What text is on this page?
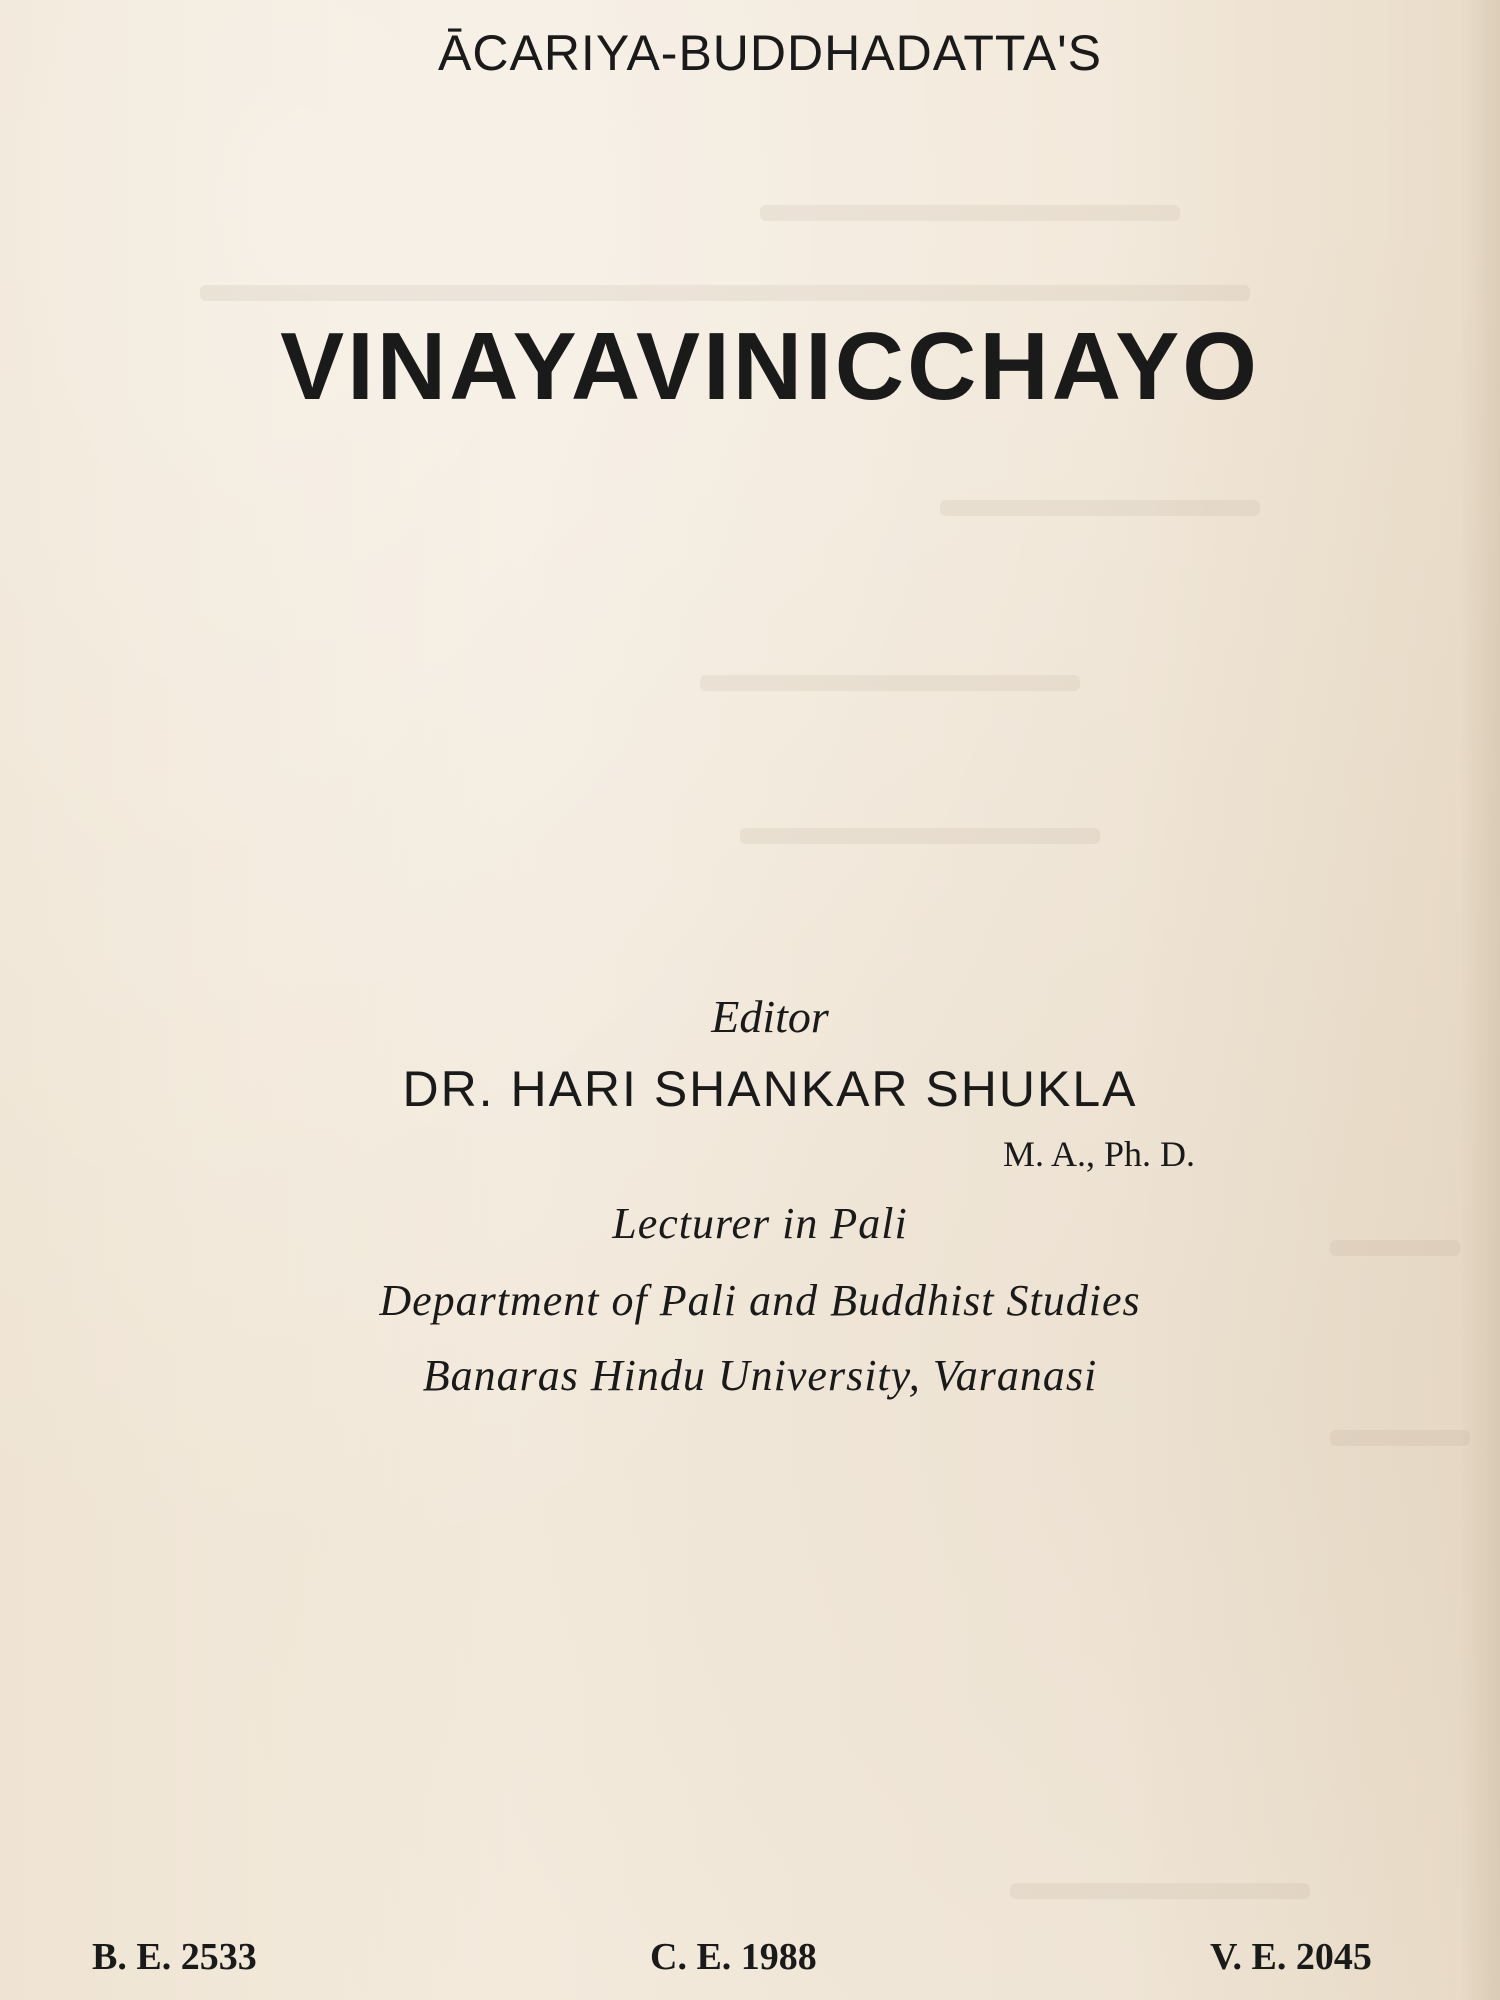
ĀCARIYA-BUDDHADATTA'S
VINAYAVINICCHAYO
Editor
DR. HARI SHANKAR SHUKLA
M. A., Ph. D.
Lecturer in Pali
Department of Pali and Buddhist Studies
Banaras Hindu University, Varanasi
B. E. 2533	C. E. 1988	V. E. 2045
